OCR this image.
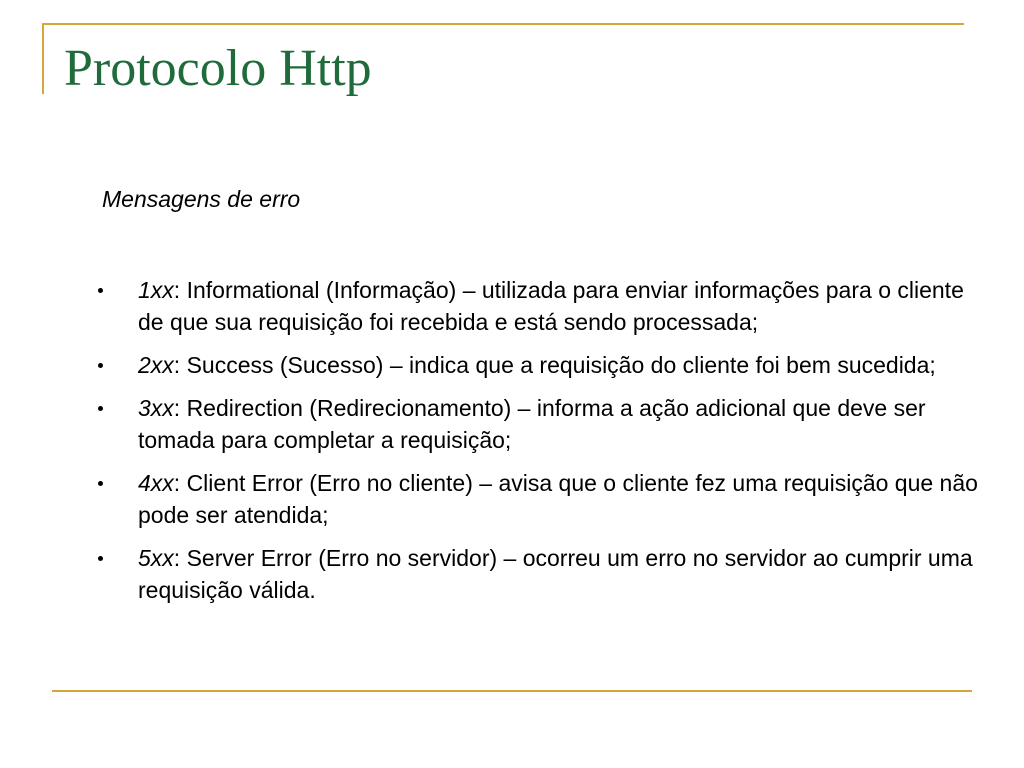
Protocolo Http

Mensagens de erro

1xx: Informational (Informação) – utilizada para enviar informações para o cliente de que sua requisição foi recebida e está sendo processada;
2xx: Success (Sucesso) – indica que a requisição do cliente foi bem sucedida;
3xx: Redirection (Redirecionamento) – informa a ação adicional que deve ser tomada para completar a requisição;
4xx: Client Error (Erro no cliente) – avisa que o cliente fez uma requisição que não pode ser atendida;
5xx: Server Error (Erro no servidor) – ocorreu um erro no servidor ao cumprir uma requisição válida.
